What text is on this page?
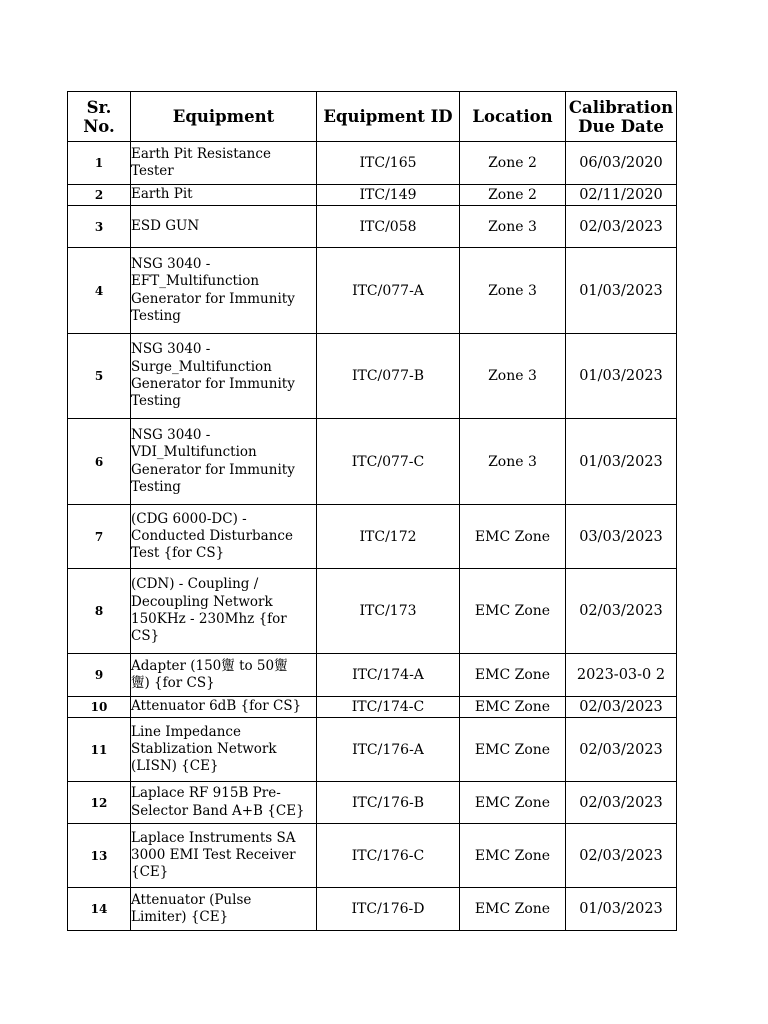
Sr. No.	Equipment	Equipment ID	Location	Calibration
Due Date
1	Earth Pit Resistance
Tester	ITC/165	Zone 2	06/03/2020
2	Earth Pit	ITC/149	Zone 2	02/11/2020
3	ESD GUN	ITC/058	Zone 3	02/03/2023
4	NSG 3040 -
EFT_Multifunction
Generator for Immunity
Testing	ITC/077-A	Zone 3	01/03/2023
5	NSG 3040 -
Surge_Multifunction
Generator for Immunity
Testing	ITC/077-B	Zone 3	01/03/2023
6	NSG 3040 -
VDI_Multifunction
Generator for Immunity
Testing	ITC/077-C	Zone 3	01/03/2023
7	(CDG 6000-DC) -
Conducted Disturbance
Test {for CS}	ITC/172	EMC Zone	03/03/2023
8	(CDN) - Coupling /
Decoupling Network
150KHz - 230Mhz {for
CS}	ITC/173	EMC Zone	02/03/2023
9	Adapter (150躛 to 50躛
躛) {for CS}	ITC/174-A	EMC Zone	2023-03-0 2
10	Attenuator 6dB {for CS}	ITC/174-C	EMC Zone	02/03/2023
11	Line Impedance
Stablization Network
(LISN) {CE}	ITC/176-A	EMC Zone	02/03/2023
12	Laplace RF 915B Pre-
Selector Band A+B {CE}	ITC/176-B	EMC Zone	02/03/2023
13	Laplace Instruments SA
3000 EMI Test Receiver
{CE}	ITC/176-C	EMC Zone	02/03/2023
14	Attenuator (Pulse
Limiter) {CE}	ITC/176-D	EMC Zone	01/03/2023
